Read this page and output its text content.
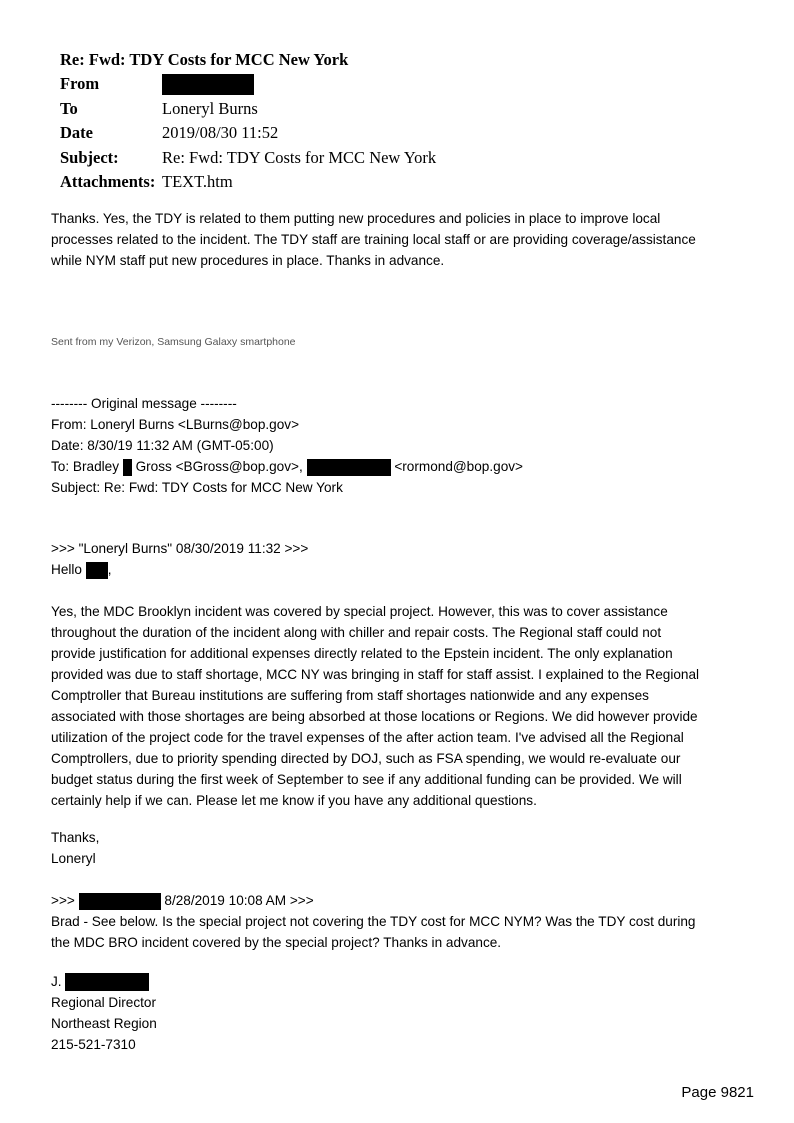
Re: Fwd: TDY Costs for MCC New York
From
To	Loneryl Burns
Date	2019/08/30 11:52
Subject:	Re: Fwd: TDY Costs for MCC New York
Attachments: TEXT.htm

Thanks. Yes, the TDY is related to them putting new procedures and policies in place to improve local

processes related to the incident. The TDY staff are training local staff or are providing coverage/assistance

while NYM staff put new procedures in place. Thanks in advance.

Sent from my Verizon, Samsung Galaxy smartphone

-------- Original message --------

From: Loneryl Burns <LBurns@bop.gov>

Date: 8/30/19 11:32 AM (GMT-05:00)

To: Bradley Gross <BGross@bop.gov>,	<rormond@bop.gov>

Subject: Re: Fwd: TDY Costs for MCC New York

>>> "Loneryl Burns" 08/30/2019 11:32 >>>

Hello ,

Yes, the MDC Brooklyn incident was covered by special project. However, this was to cover assistance

throughout the duration of the incident along with chiller and repair costs. The Regional staff could not

provide justification for additional expenses directly related to the Epstein incident. The only explanation

provided was due to staff shortage, MCC NY was bringing in staff for staff assist. I explained to the Regional

Comptroller that Bureau institutions are suffering from staff shortages nationwide and any expenses

associated with those shortages are being absorbed at those locations or Regions. We did however provide

utilization of the project code for the travel expenses of the after action team. I've advised all the Regional

Comptrollers, due to priority spending directed by DOJ, such as FSA spending, we would re-evaluate our

budget status during the first week of September to see if any additional funding can be provided. We will

certainly help if we can. Please let me know if you have any additional questions.

Thanks,

Loneryl

>>>	8/28/2019 10:08 AM >>>

Brad - See below. Is the special project not covering the TDY cost for MCC NYM? Was the TDY cost during

the MDC BRO incident covered by the special project? Thanks in advance.

J.

Regional Director

Northeast Region

215-521-7310

Page 9821
